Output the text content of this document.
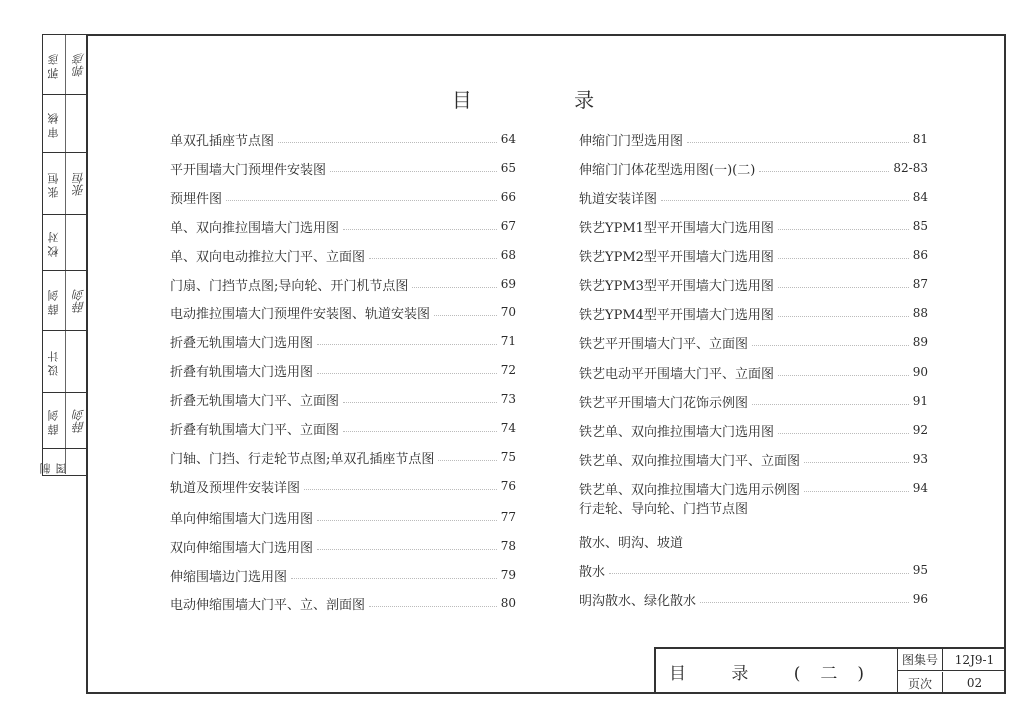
郭彦 郭彦
审核
张恒 张恒
校对
薛剑 薛剑
设计
薛剑 薛剑
制图
目 录
单双孔插座节点图	64
平开围墙大门预埋件安装图	65
预埋件图	66
单、双向推拉围墙大门选用图	67
单、双向电动推拉大门平、立面图	68
门扇、门挡节点图;导向轮、开门机节点图	69
电动推拉围墙大门预埋件安装图、轨道安装图	70
折叠无轨围墙大门选用图	71
折叠有轨围墙大门选用图	72
折叠无轨围墙大门平、立面图	73
折叠有轨围墙大门平、立面图	74
门轴、门挡、行走轮节点图;单双孔插座节点图	75
轨道及预埋件安装详图	76
单向伸缩围墙大门选用图	77
双向伸缩围墙大门选用图	78
伸缩围墙边门选用图	79
电动伸缩围墙大门平、立、剖面图	80
伸缩门门型选用图	81
伸缩门门体花型选用图(一)(二)	82-83
轨道安装详图	84
铁艺YPM1型平开围墙大门选用图	85
铁艺YPM2型平开围墙大门选用图	86
铁艺YPM3型平开围墙大门选用图	87
铁艺YPM4型平开围墙大门选用图	88
铁艺平开围墙大门平、立面图	89
铁艺电动平开围墙大门平、立面图	90
铁艺平开围墙大门花饰示例图	91
铁艺单、双向推拉围墙大门选用图	92
铁艺单、双向推拉围墙大门平、立面图	93
铁艺单、双向推拉围墙大门选用示例图	94
行走轮、导向轮、门挡节点图
散水、明沟、坡道
散水	95
明沟散水、绿化散水	96
目 录 (二)
图集号	12J9-1
页次	02
